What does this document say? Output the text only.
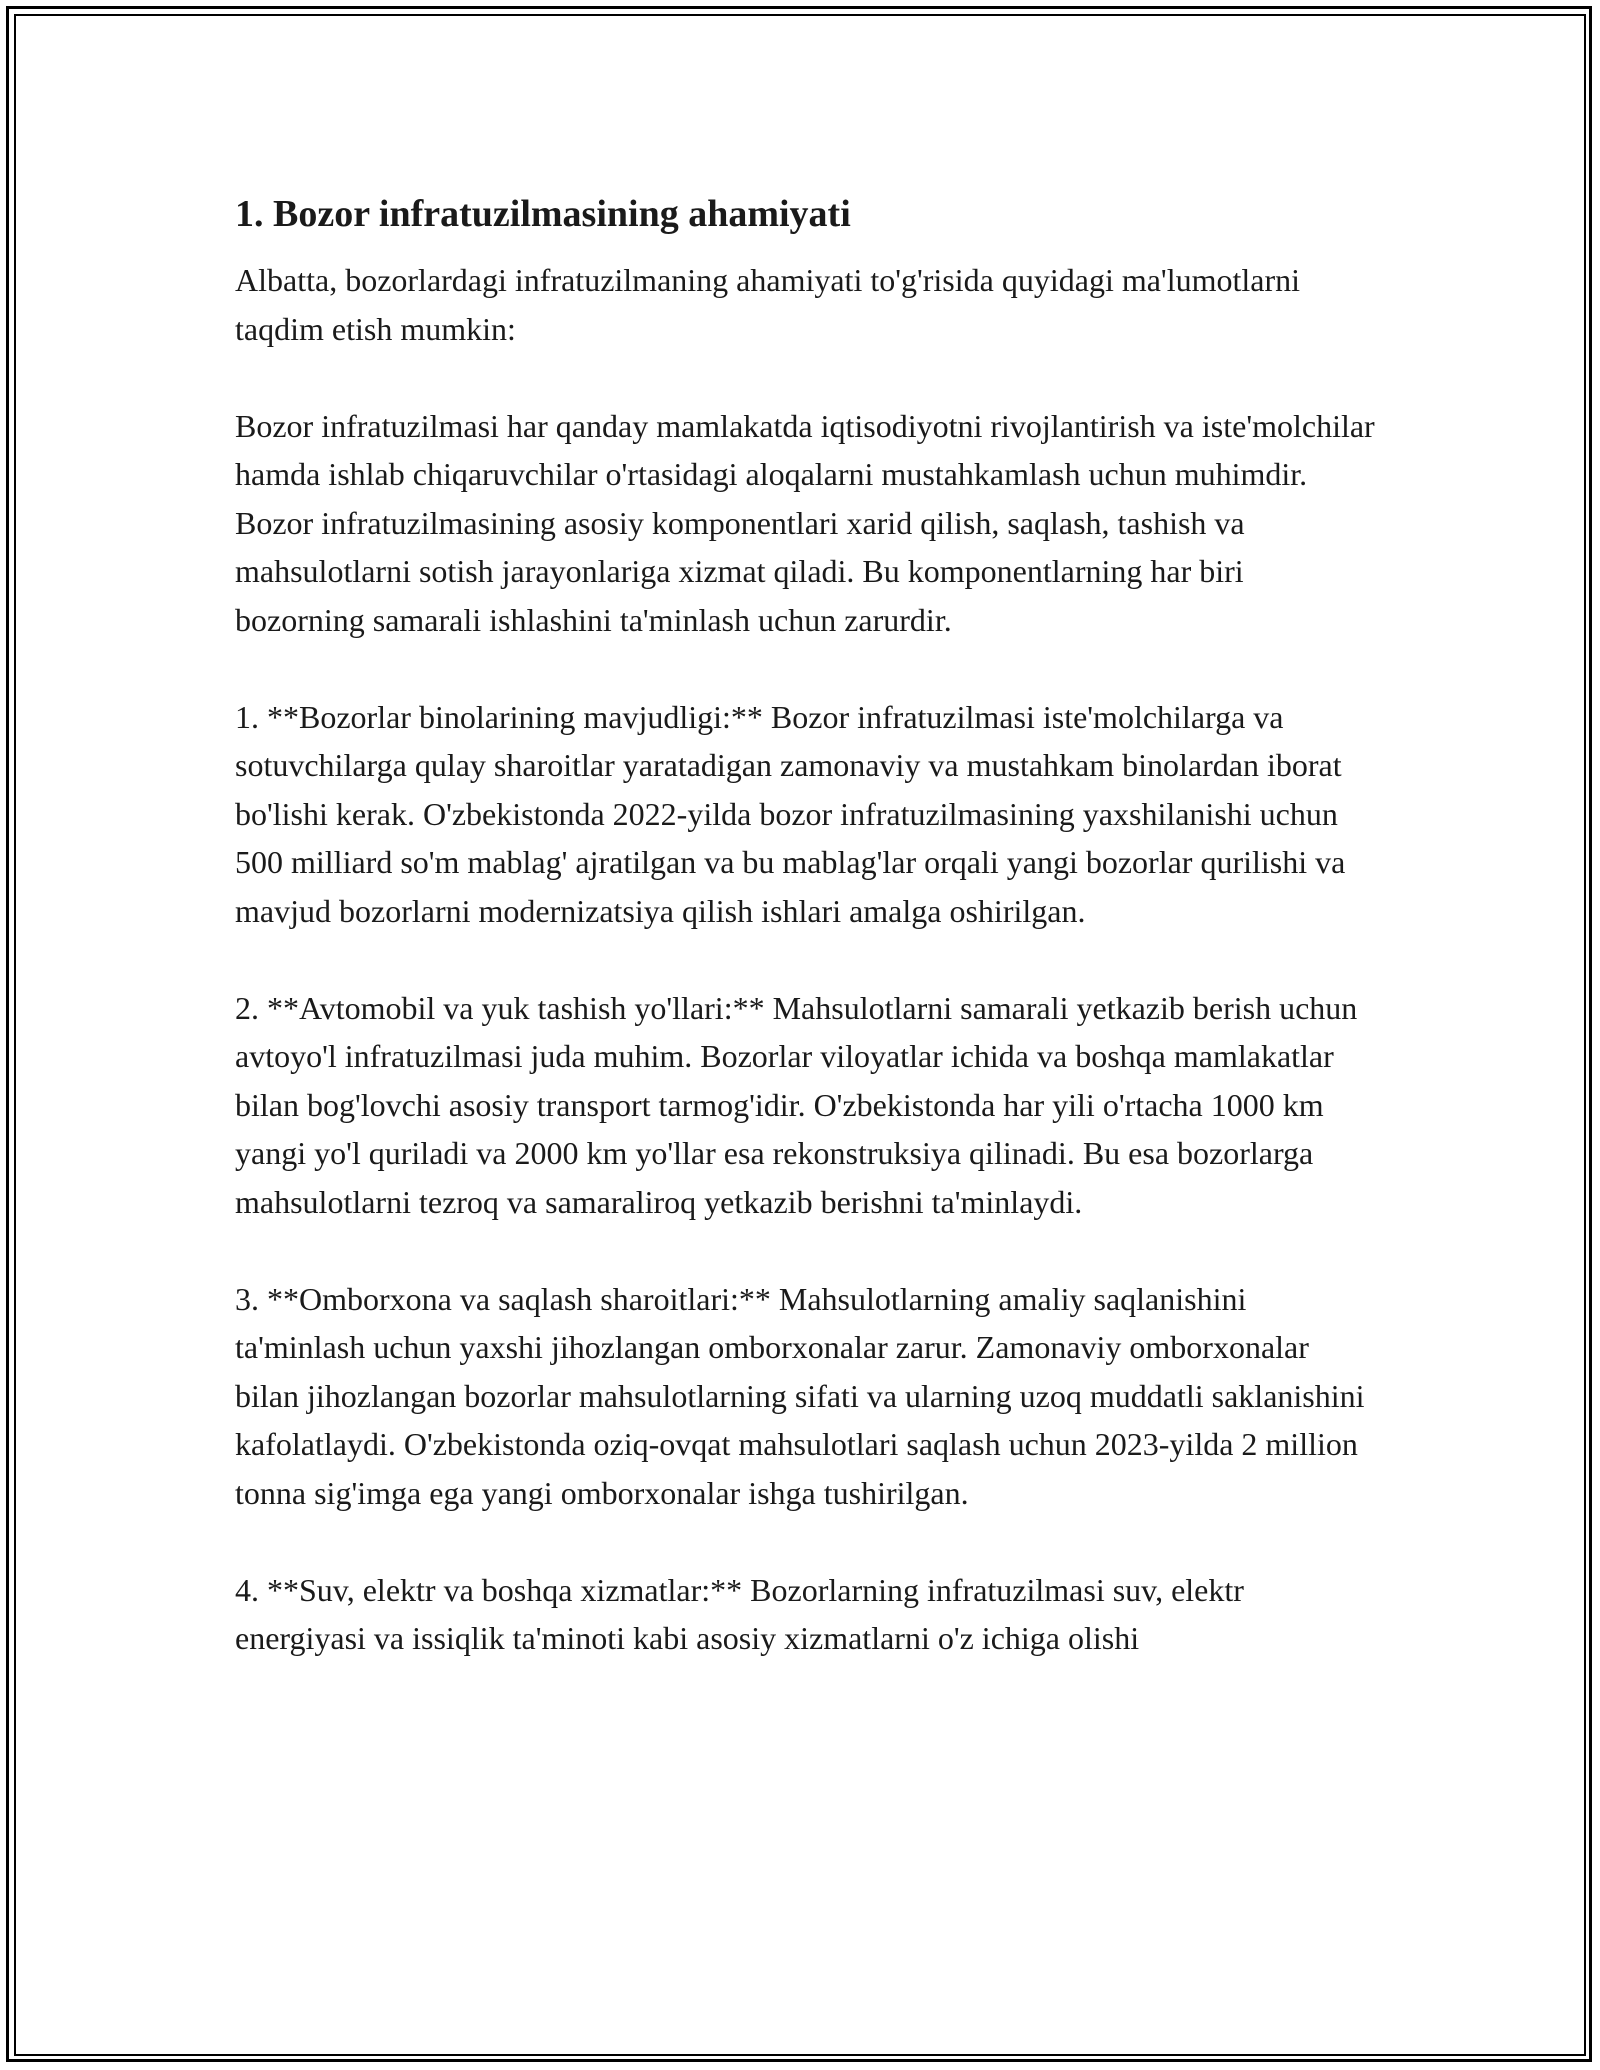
1. Bozor infratuzilmasining ahamiyati

Albatta, bozorlardagi infratuzilmaning ahamiyati to'g'risida quyidagi ma'lumotlarni taqdim etish mumkin:

Bozor infratuzilmasi har qanday mamlakatda iqtisodiyotni rivojlantirish va iste'molchilar hamda ishlab chiqaruvchilar o'rtasidagi aloqalarni mustahkamlash uchun muhimdir. Bozor infratuzilmasining asosiy komponentlari xarid qilish, saqlash, tashish va mahsulotlarni sotish jarayonlariga xizmat qiladi. Bu komponentlarning har biri bozorning samarali ishlashini ta'minlash uchun zarurdir.

1. **Bozorlar binolarining mavjudligi:** Bozor infratuzilmasi iste'molchilarga va sotuvchilarga qulay sharoitlar yaratadigan zamonaviy va mustahkam binolardan iborat bo'lishi kerak. O'zbekistonda 2022-yilda bozor infratuzilmasining yaxshilanishi uchun 500 milliard so'm mablag' ajratilgan va bu mablag'lar orqali yangi bozorlar qurilishi va mavjud bozorlarni modernizatsiya qilish ishlari amalga oshirilgan.

2. **Avtomobil va yuk tashish yo'llari:** Mahsulotlarni samarali yetkazib berish uchun avtoyo'l infratuzilmasi juda muhim. Bozorlar viloyatlar ichida va boshqa mamlakatlar bilan bog'lovchi asosiy transport tarmog'idir. O'zbekistonda har yili o'rtacha 1000 km yangi yo'l quriladi va 2000 km yo'llar esa rekonstruksiya qilinadi. Bu esa bozorlarga mahsulotlarni tezroq va samaraliroq yetkazib berishni ta'minlaydi.

3. **Omborxona va saqlash sharoitlari:** Mahsulotlarning amaliy saqlanishini ta'minlash uchun yaxshi jihozlangan omborxonalar zarur. Zamonaviy omborxonalar bilan jihozlangan bozorlar mahsulotlarning sifati va ularning uzoq muddatli saklanishini kafolatlaydi. O'zbekistonda oziq-ovqat mahsulotlari saqlash uchun 2023-yilda 2 million tonna sig'imga ega yangi omborxonalar ishga tushirilgan.

4. **Suv, elektr va boshqa xizmatlar:** Bozorlarning infratuzilmasi suv, elektr energiyasi va issiqlik ta'minoti kabi asosiy xizmatlarni o'z ichiga olishi
